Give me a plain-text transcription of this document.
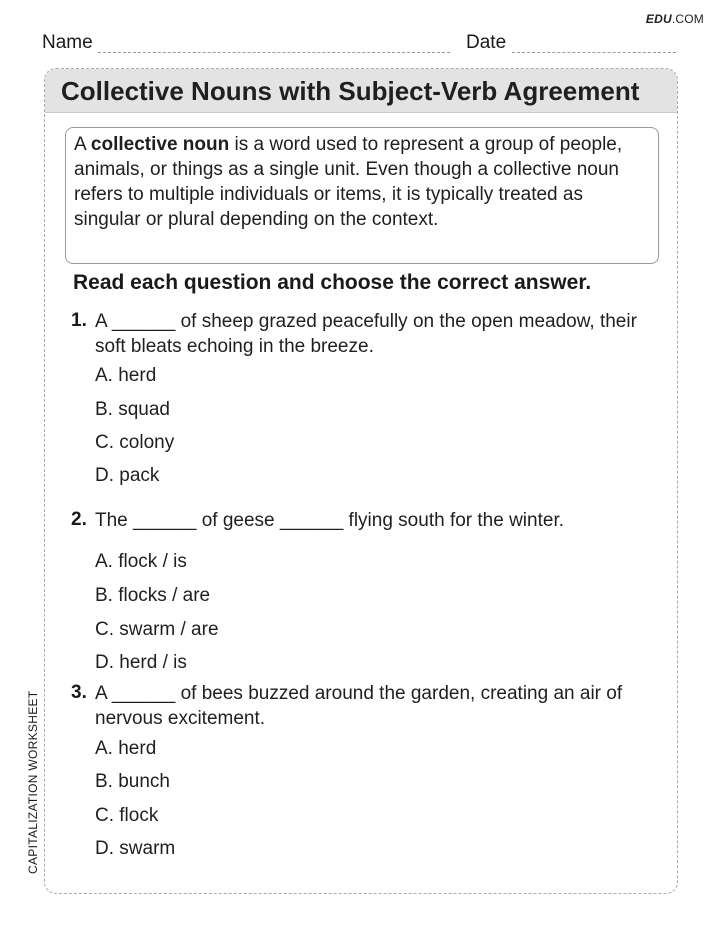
EDU.COM
Name	Date
Collective Nouns with Subject-Verb Agreement
A collective noun is a word used to represent a group of people, animals, or things as a single unit. Even though a collective noun refers to multiple individuals or items, it is typically treated as singular or plural depending on the context.
Read each question and choose the correct answer.
1. A ______ of sheep grazed peacefully on the open meadow, their soft bleats echoing in the breeze.
A. herd
B. squad
C. colony
D. pack
2. The ______ of geese ______ flying south for the winter.
A. flock / is
B. flocks / are
C. swarm / are
D. herd / is
3. A ______ of bees buzzed around the garden, creating an air of nervous excitement.
A. herd
B. bunch
C. flock
D. swarm
CAPITALIZATION WORKSHEET
